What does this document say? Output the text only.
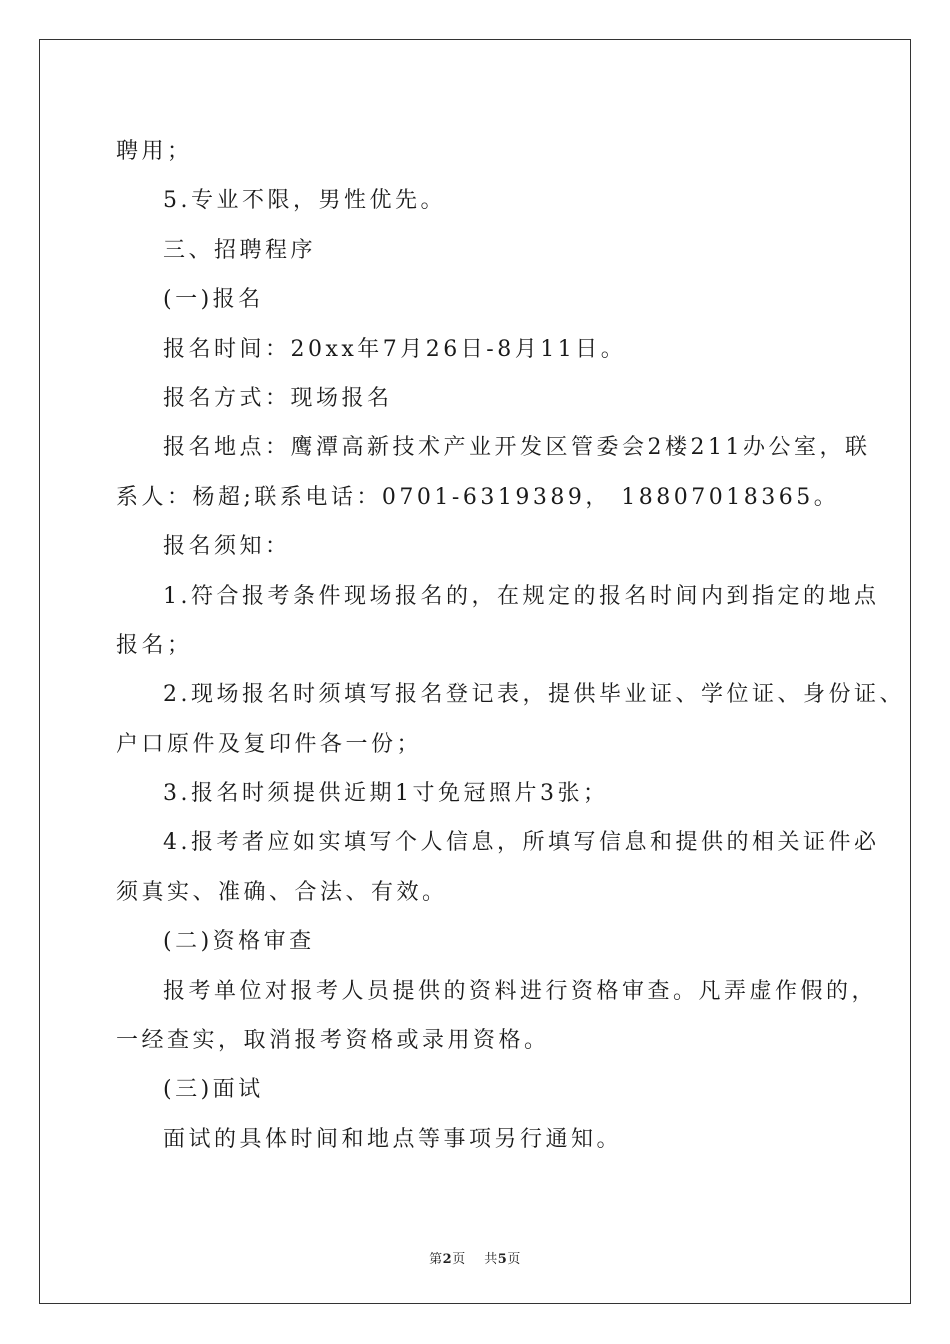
聘用；
5.专业不限，男性优先。
三、招聘程序
(一)报名
报名时间：20xx年7月26日-8月11日。
报名方式：现场报名
报名地点：鹰潭高新技术产业开发区管委会2楼211办公室，联
系人：杨超;联系电话：0701-6319389， 18807018365。
报名须知：
1.符合报考条件现场报名的，在规定的报名时间内到指定的地点
报名；
2.现场报名时须填写报名登记表，提供毕业证、学位证、身份证、
户口原件及复印件各一份；
3.报名时须提供近期1寸免冠照片3张；
4.报考者应如实填写个人信息，所填写信息和提供的相关证件必
须真实、准确、合法、有效。
(二)资格审查
报考单位对报考人员提供的资料进行资格审查。凡弄虚作假的，
一经查实，取消报考资格或录用资格。
(三)面试
面试的具体时间和地点等事项另行通知。
第2页 共5页
